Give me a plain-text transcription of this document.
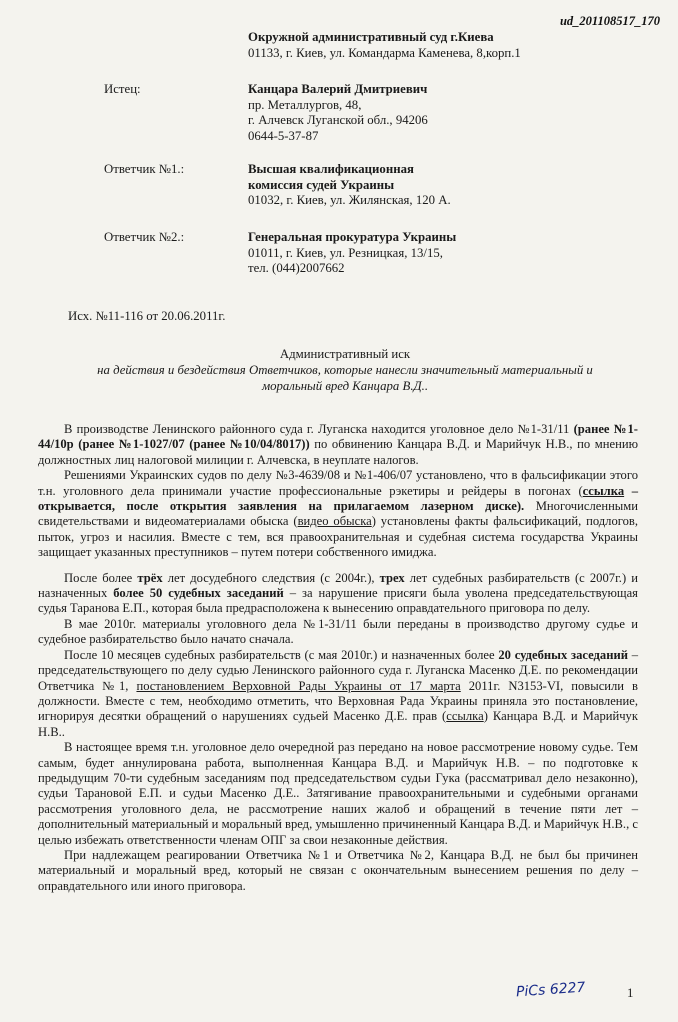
ud_201108517_170
Окружной административный суд г.Киева
01133, г. Киев, ул. Командарма Каменева, 8,корп.1
Истец:	Канцара Валерий Дмитриевич
пр. Металлургов, 48,
г. Алчевск Луганской обл., 94206
0644-5-37-87
Ответчик №1.:	Высшая квалификационная
комиссия судей Украины
01032, г. Киев, ул. Жилянская, 120 А.
Ответчик №2.:	Генеральная прокуратура Украины
01011, г. Киев, ул. Резницкая, 13/15,
тел. (044)2007662
Исх. №11-116 от 20.06.2011г.
Административный иск
на действия и бездействия Ответчиков, которые нанесли значительный материальный и
моральный вред Канцара В.Д..

В производстве Ленинского районного суда г. Луганска находится уголовное дело №1-31/11 (ранее №1-44/10р (ранее №1-1027/07 (ранее №10/04/8017)) по обвинению Канцара В.Д. и Марийчук Н.В., по мнению должностных лиц налоговой милиции г. Алчевска, в неуплате налогов.

Решениями Украинских судов по делу №3-4639/08 и №1-406/07 установлено, что в фальсификации этого т.н. уголовного дела принимали участие профессиональные рэкетиры и рейдеры в погонах (ссылка – открывается, после открытия заявления на прилагаемом лазерном диске). Многочисленными свидетельствами и видеоматериалами обыска (видео обыска) установлены факты фальсификаций, подлогов, пыток, угроз и насилия. Вместе с тем, вся правоохранительная и судебная система государства Украины защищает указанных преступников – путем потери собственного имиджа.

После более трёх лет досудебного следствия (с 2004г.), трех лет судебных разбирательств (с 2007г.) и назначенных более 50 судебных заседаний – за нарушение присяги была уволена председательствующая судья Таранова Е.П., которая была предрасположена к вынесению оправдательного приговора по делу.

В мае 2010г. материалы уголовного дела №1-31/11 были переданы в производство другому судье и судебное разбирательство было начато сначала.

После 10 месяцев судебных разбирательств (с мая 2010г.) и назначенных более 20 судебных заседаний – председательствующего по делу судью Ленинского районного суда г. Луганска Масенко Д.Е. по рекомендации Ответчика №1, постановлением Верховной Рады Украины от 17 марта 2011г. N3153-VI, повысили в должности. Вместе с тем, необходимо отметить, что Верховная Рада Украины приняла это постановление, игнорируя десятки обращений о нарушениях судьей Масенко Д.Е. прав (ссылка) Канцара В.Д. и Марийчук Н.В..

В настоящее время т.н. уголовное дело очередной раз передано на новое рассмотрение новому судье. Тем самым, будет аннулирована работа, выполненная Канцара В.Д. и Марийчук Н.В. – по подготовке к предыдущим 70-ти судебным заседаниям под председательством судьи Гука (рассматривал дело незаконно), судьи Тарановой Е.П. и судьи Масенко Д.Е.. Затягивание правоохранительными и судебными органами рассмотрения уголовного дела, не рассмотрение наших жалоб и обращений в течение пяти лет – дополнительный материальный и моральный вред, умышленно причиненный Канцара В.Д. и Марийчук Н.В., с целью избежать ответственности членам ОПГ за свои незаконные действия.

При надлежащем реагировании Ответчика №1 и Ответчика №2, Канцара В.Д. не был бы причинен материальный и моральный вред, который не связан с окончательным вынесением решения по делу – оправдательного или иного приговора.

PiCs 6227	1
